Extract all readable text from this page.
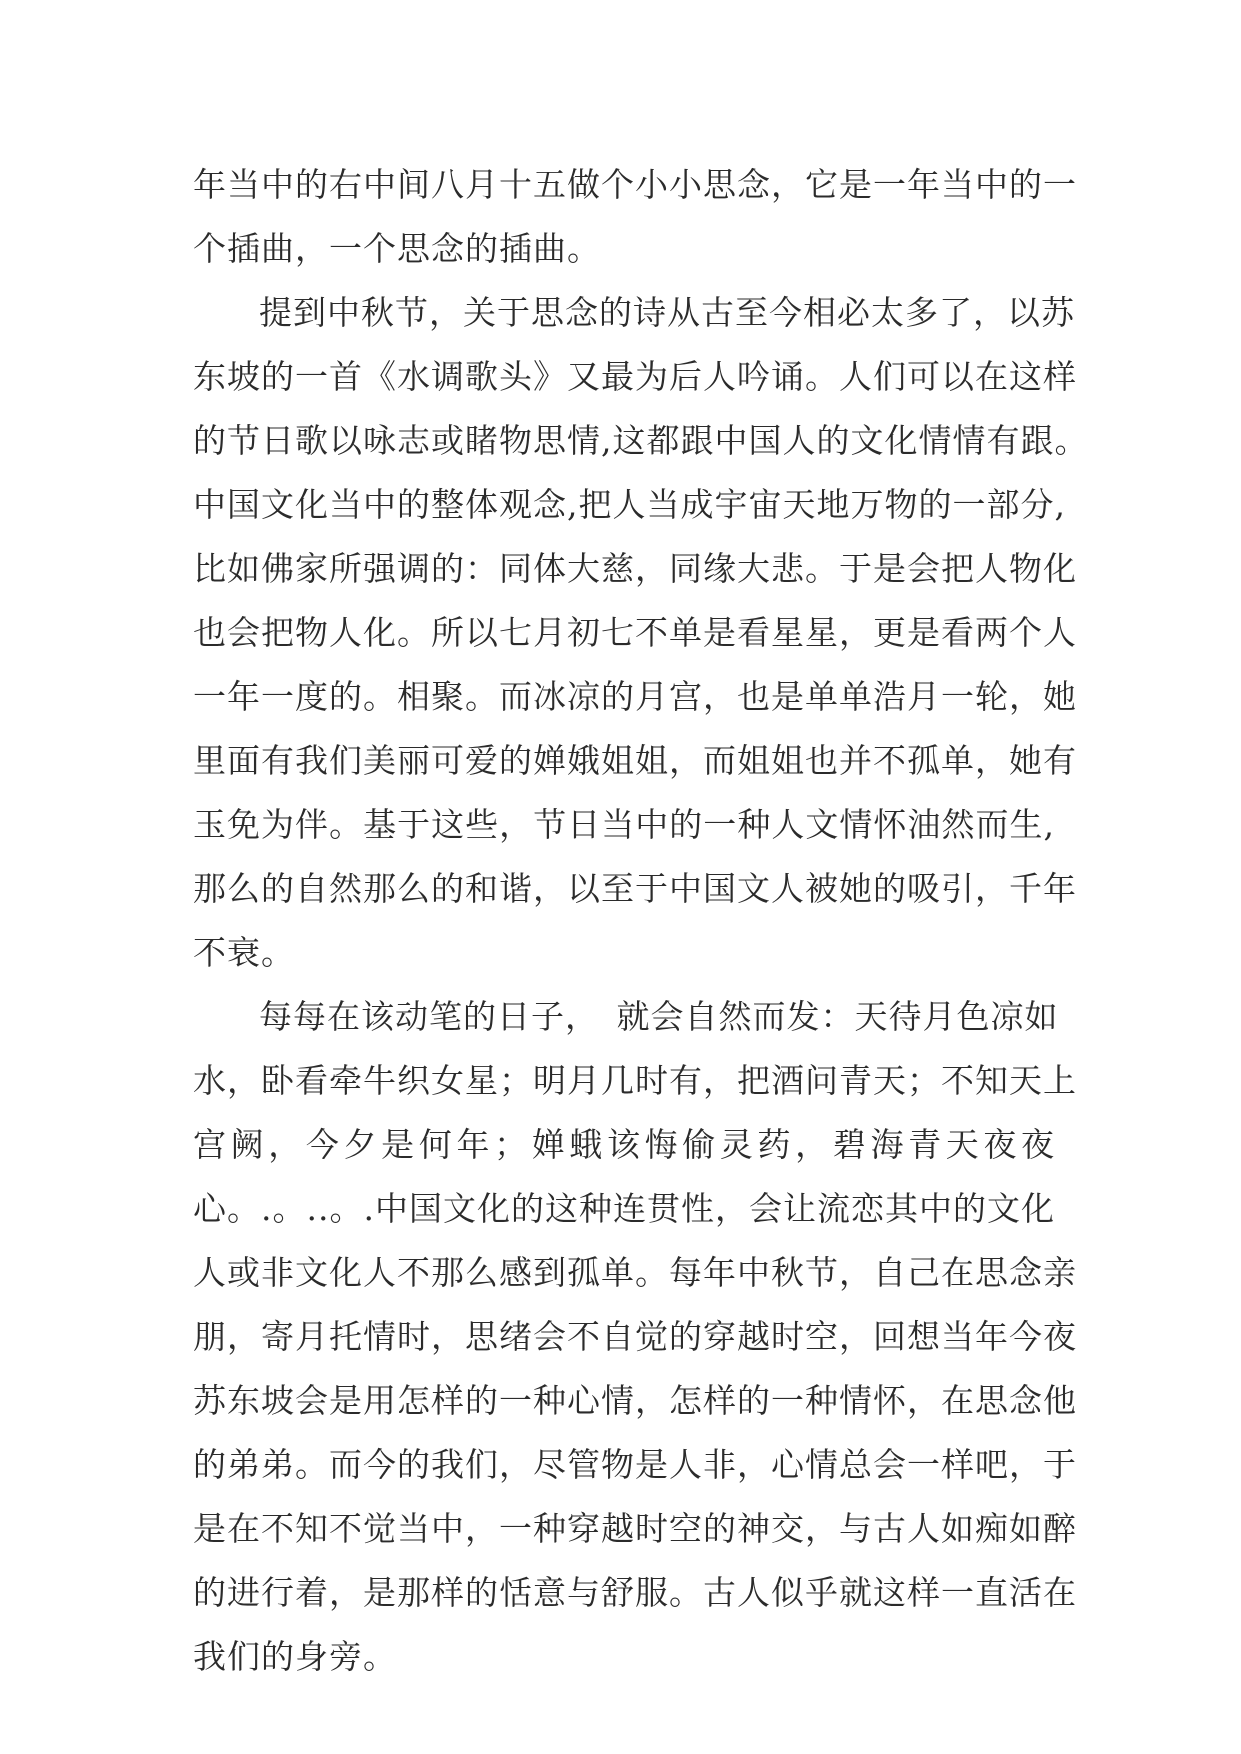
年当中的右中间八月十五做个小小思念，它是一年当中的一
个插曲，一个思念的插曲。
提到中秋节，关于思念的诗从古至今相必太多了，以苏
东坡的一首《水调歌头》又最为后人吟诵。人们可以在这样
的节日歌以咏志或睹物思情,这都跟中国人的文化情情有跟。
中国文化当中的整体观念,把人当成宇宙天地万物的一部分,
比如佛家所强调的：同体大慈，同缘大悲。于是会把人物化
也会把物人化。所以七月初七不单是看星星，更是看两个人
一年一度的。相聚。而冰凉的月宫，也是单单浩月一轮，她
里面有我们美丽可爱的婵娥姐姐，而姐姐也并不孤单，她有
玉免为伴。基于这些，节日当中的一种人文情怀油然而生,
那么的自然那么的和谐，以至于中国文人被她的吸引，千年
不衰。
每每在该动笔的日子，　就会自然而发：天待月色凉如
水，卧看牵牛织女星；明月几时有，把酒问青天；不知天上
宫阙，今夕是何年；婵蛾该悔偷灵药，碧海青天夜夜
心。.。..。.中国文化的这种连贯性，会让流恋其中的文化
人或非文化人不那么感到孤单。每年中秋节，自己在思念亲
朋，寄月托情时，思绪会不自觉的穿越时空，回想当年今夜
苏东坡会是用怎样的一种心情，怎样的一种情怀，在思念他
的弟弟。而今的我们，尽管物是人非，心情总会一样吧，于
是在不知不觉当中，一种穿越时空的神交，与古人如痴如醉
的进行着，是那样的恬意与舒服。古人似乎就这样一直活在
我们的身旁。
